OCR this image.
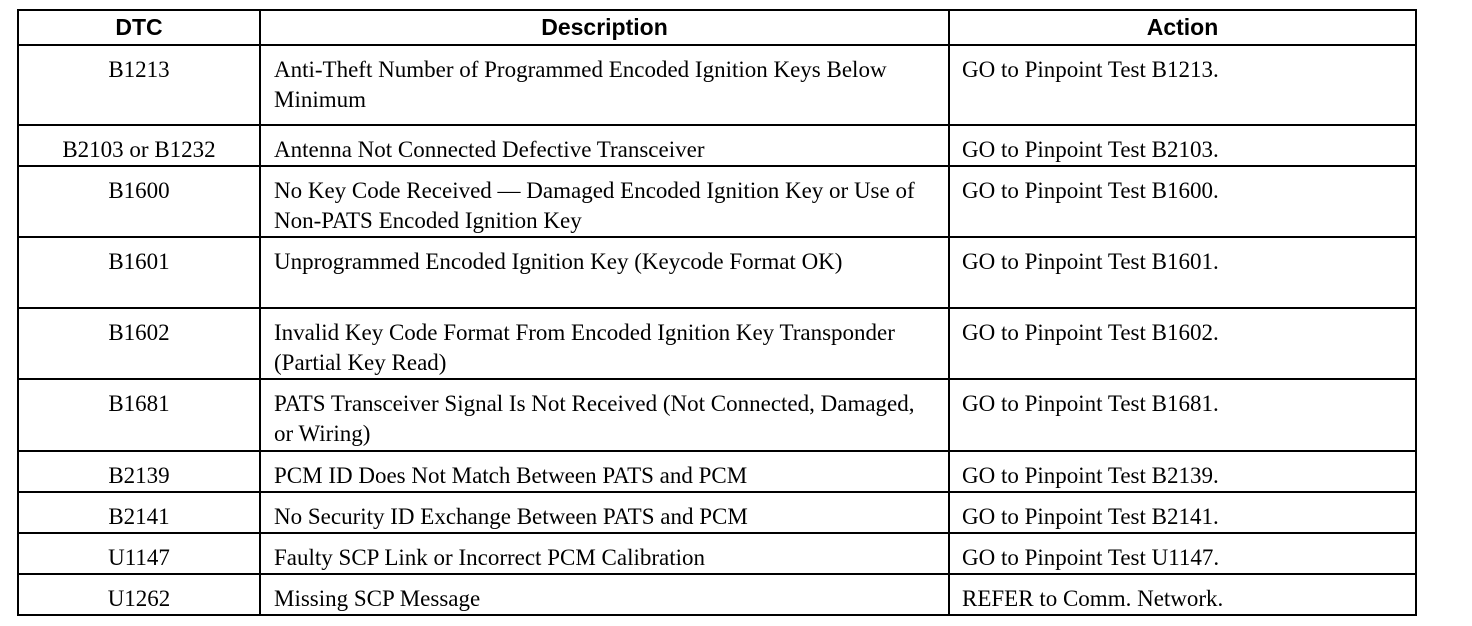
DTC	Description	Action
B1213	Anti-Theft Number of Programmed Encoded Ignition Keys Below Minimum	GO to Pinpoint Test B1213.
B2103 or B1232	Antenna Not Connected Defective Transceiver	GO to Pinpoint Test B2103.
B1600	No Key Code Received — Damaged Encoded Ignition Key or Use of Non-PATS Encoded Ignition Key	GO to Pinpoint Test B1600.
B1601	Unprogrammed Encoded Ignition Key (Keycode Format OK)	GO to Pinpoint Test B1601.
B1602	Invalid Key Code Format From Encoded Ignition Key Transponder (Partial Key Read)	GO to Pinpoint Test B1602.
B1681	PATS Transceiver Signal Is Not Received (Not Connected, Damaged, or Wiring)	GO to Pinpoint Test B1681.
B2139	PCM ID Does Not Match Between PATS and PCM	GO to Pinpoint Test B2139.
B2141	No Security ID Exchange Between PATS and PCM	GO to Pinpoint Test B2141.
U1147	Faulty SCP Link or Incorrect PCM Calibration	GO to Pinpoint Test U1147.
U1262	Missing SCP Message	REFER to Comm. Network.
